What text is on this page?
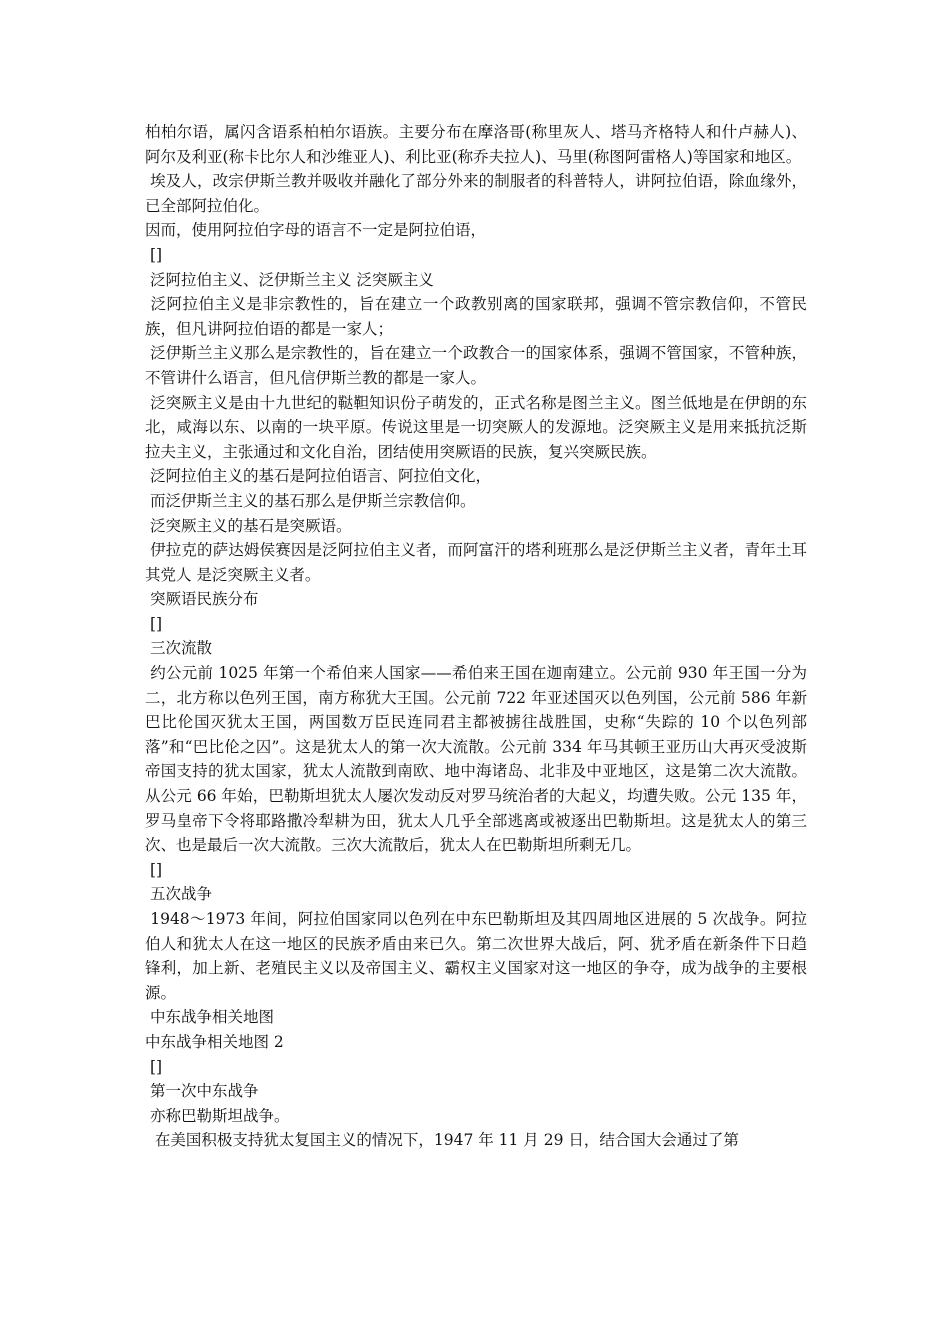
柏柏尔语，属闪含语系柏柏尔语族。主要分布在摩洛哥(称里灰人、塔马齐格特人和什卢赫人)、阿尔及利亚(称卡比尔人和沙维亚人)、利比亚(称乔夫拉人)、马里(称图阿雷格人)等国家和地区。

埃及人，改宗伊斯兰教并吸收并融化了部分外来的制服者的科普特人，讲阿拉伯语，除血缘外，已全部阿拉伯化。

因而，使用阿拉伯字母的语言不一定是阿拉伯语，

[]

泛阿拉伯主义、泛伊斯兰主义 泛突厥主义

泛阿拉伯主义是非宗教性的，旨在建立一个政教别离的国家联邦，强调不管宗教信仰，不管民族，但凡讲阿拉伯语的都是一家人；

泛伊斯兰主义那么是宗教性的，旨在建立一个政教合一的国家体系，强调不管国家，不管种族，不管讲什么语言，但凡信伊斯兰教的都是一家人。

泛突厥主义是由十九世纪的鞑靼知识份子萌发的，正式名称是图兰主义。图兰低地是在伊朗的东北，咸海以东、以南的一块平原。传说这里是一切突厥人的发源地。泛突厥主义是用来抵抗泛斯拉夫主义，主张通过和文化自治，团结使用突厥语的民族，复兴突厥民族。

泛阿拉伯主义的基石是阿拉伯语言、阿拉伯文化，

而泛伊斯兰主义的基石那么是伊斯兰宗教信仰。

泛突厥主义的基石是突厥语。

伊拉克的萨达姆侯赛因是泛阿拉伯主义者，而阿富汗的塔利班那么是泛伊斯兰主义者，青年土耳其党人 是泛突厥主义者。

突厥语民族分布

[]

三次流散

约公元前 1025 年第一个希伯来人国家——希伯来王国在迦南建立。公元前 930 年王国一分为二，北方称以色列王国，南方称犹大王国。公元前 722 年亚述国灭以色列国，公元前 586 年新巴比伦国灭犹太王国，两国数万臣民连同君主都被掳往战胜国，史称“失踪的 10 个以色列部落”和“巴比伦之囚”。这是犹太人的第一次大流散。公元前 334 年马其顿王亚历山大再灭受波斯帝国支持的犹太国家，犹太人流散到南欧、地中海诸岛、北非及中亚地区，这是第二次大流散。从公元 66 年始，巴勒斯坦犹太人屡次发动反对罗马统治者的大起义，均遭失败。公元 135 年，罗马皇帝下令将耶路撒冷犁耕为田，犹太人几乎全部逃离或被逐出巴勒斯坦。这是犹太人的第三次、也是最后一次大流散。三次大流散后，犹太人在巴勒斯坦所剩无几。

[]

五次战争

1948～1973 年间，阿拉伯国家同以色列在中东巴勒斯坦及其四周地区进展的 5 次战争。阿拉伯人和犹太人在这一地区的民族矛盾由来已久。第二次世界大战后，阿、犹矛盾在新条件下日趋锋利，加上新、老殖民主义以及帝国主义、霸权主义国家对这一地区的争夺，成为战争的主要根源。

中东战争相关地图

中东战争相关地图 2

[]

第一次中东战争

亦称巴勒斯坦战争。

在美国积极支持犹太复国主义的情况下，1947 年 11 月 29 日，结合国大会通过了第
